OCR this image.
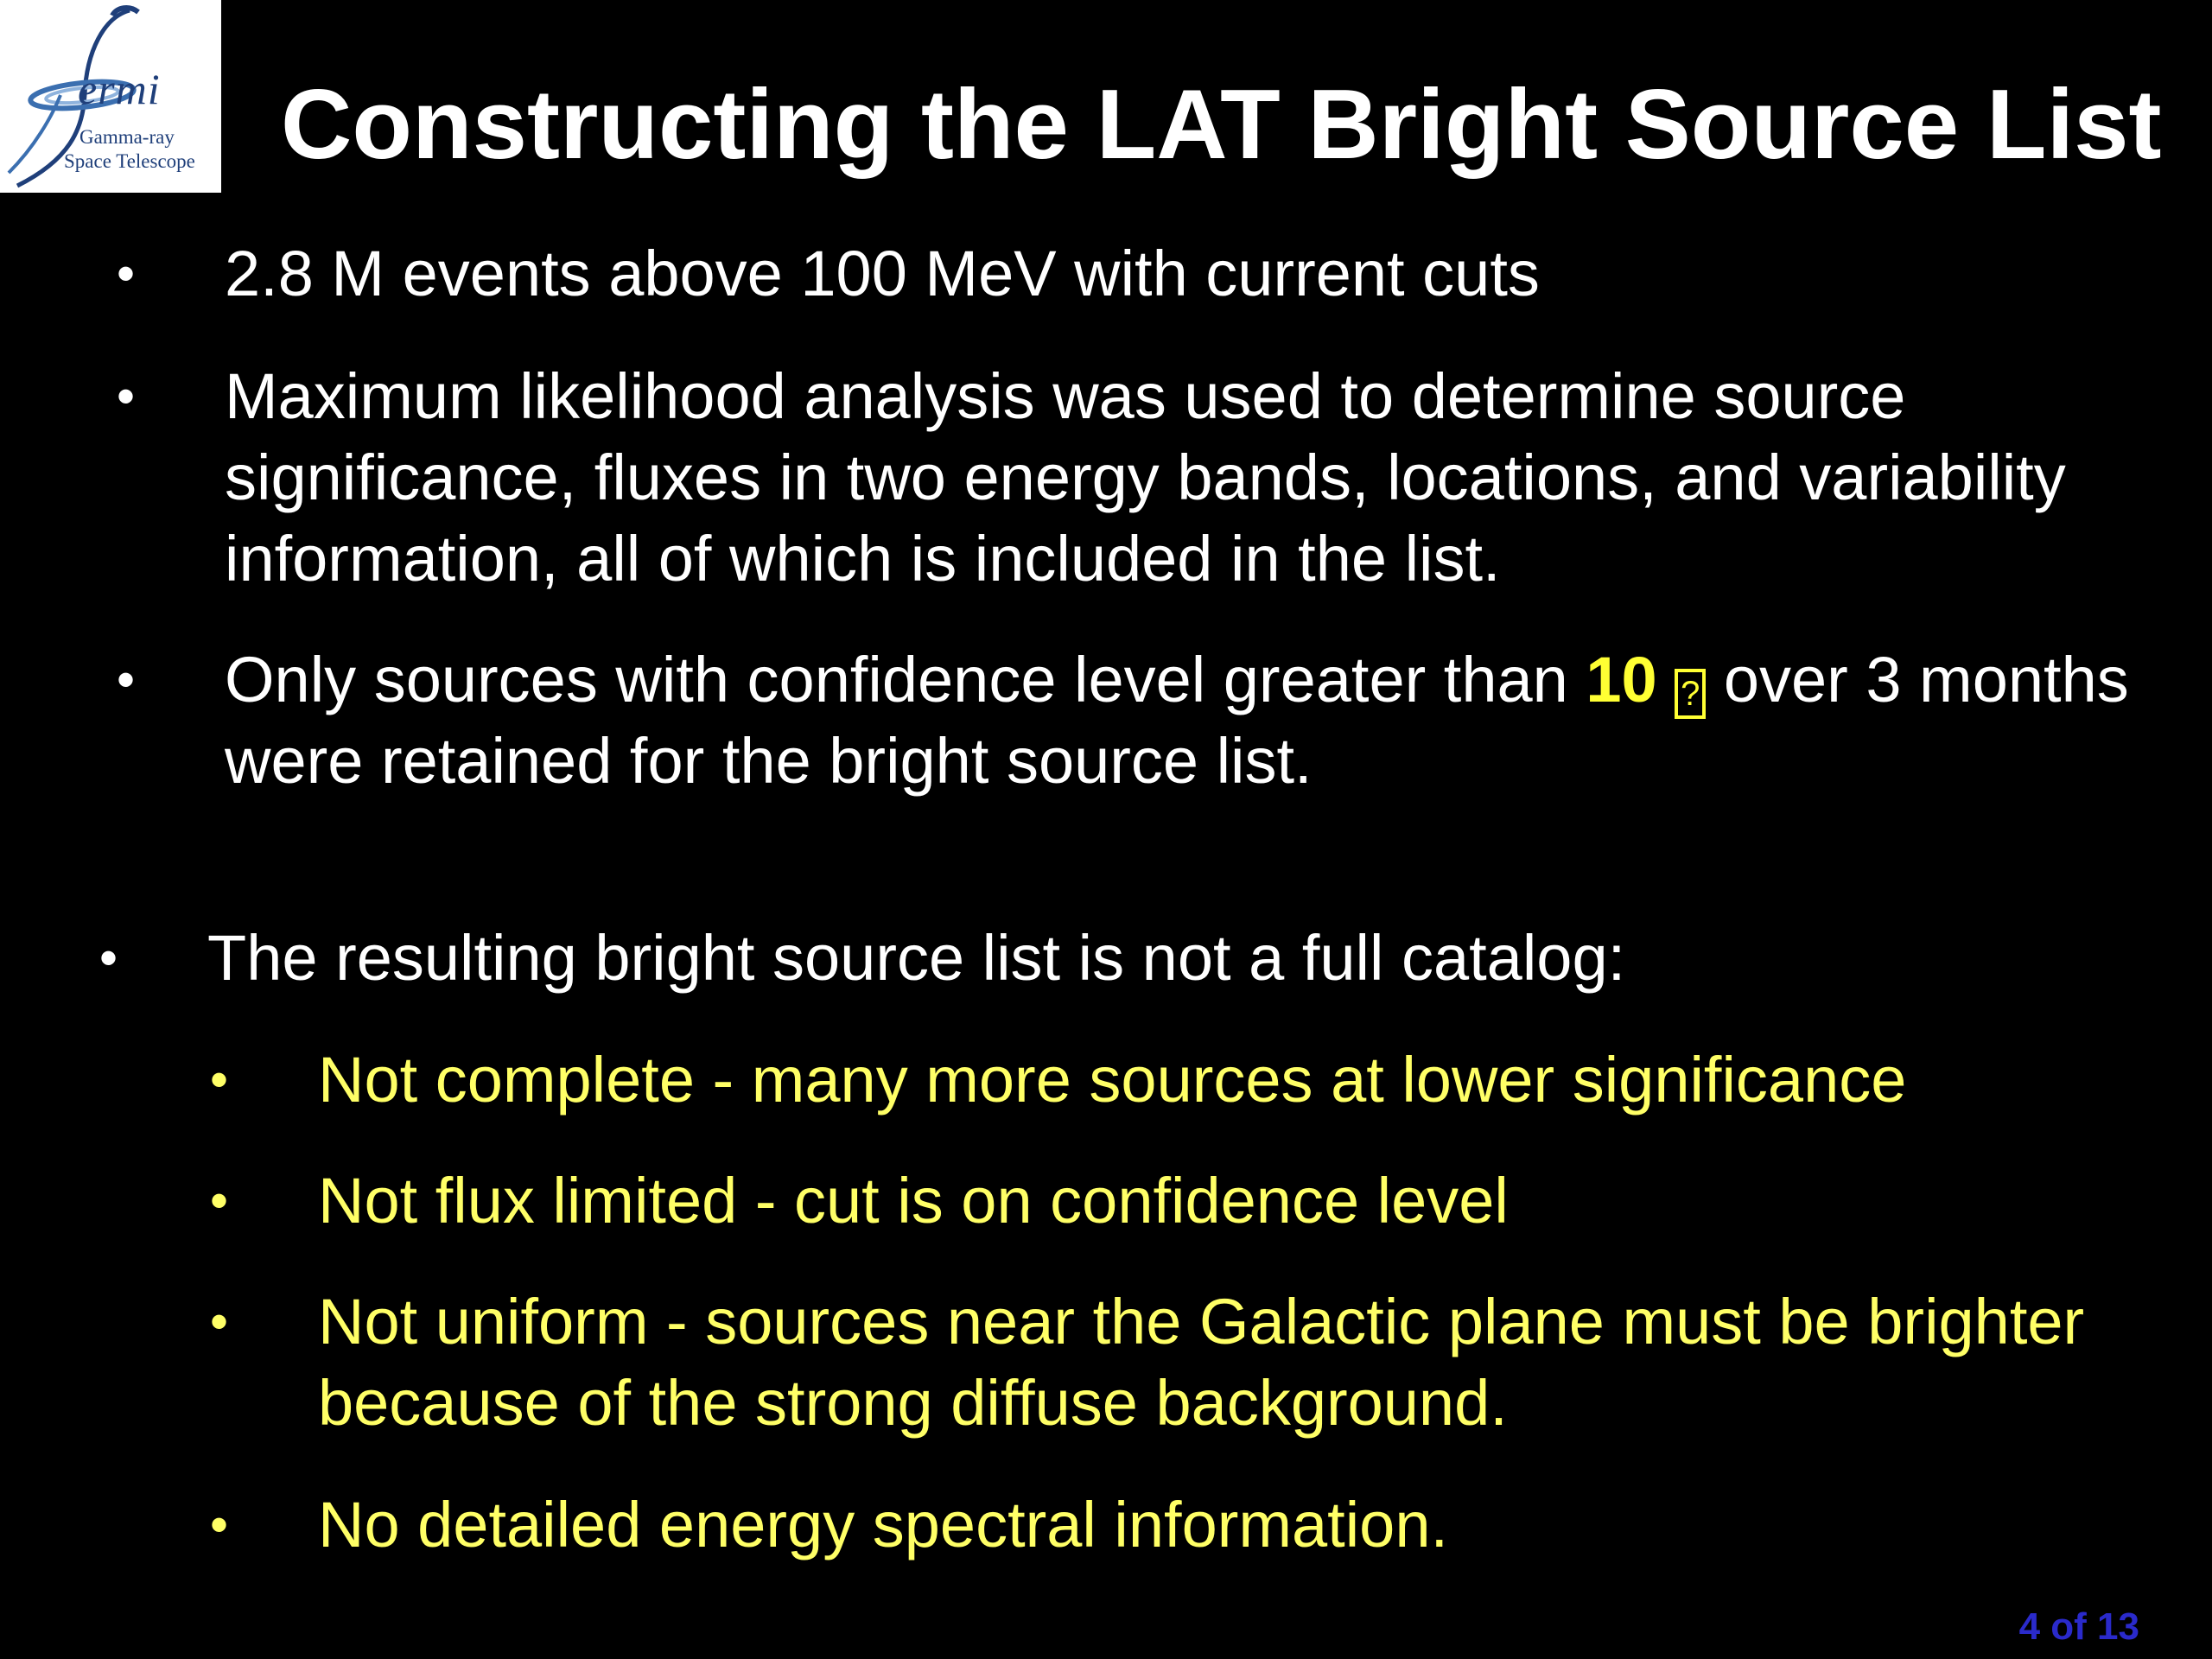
ermi
Gamma-ray
Space Telescope Constructing the LAT Bright Source List

• 2.8 M events above 100 MeV with current cuts

• Maximum likelihood analysis was used to determine source significance, fluxes in two energy bands, locations, and variability information, all of which is included in the list.

• Only sources with confidence level greater than 10 ? over 3 months were retained for the bright source list.

• The resulting bright source list is not a full catalog:

• Not complete - many more sources at lower significance

• Not flux limited - cut is on confidence level

• Not uniform - sources near the Galactic plane must be brighter because of the strong diffuse background.

• No detailed energy spectral information.

4 of 13
